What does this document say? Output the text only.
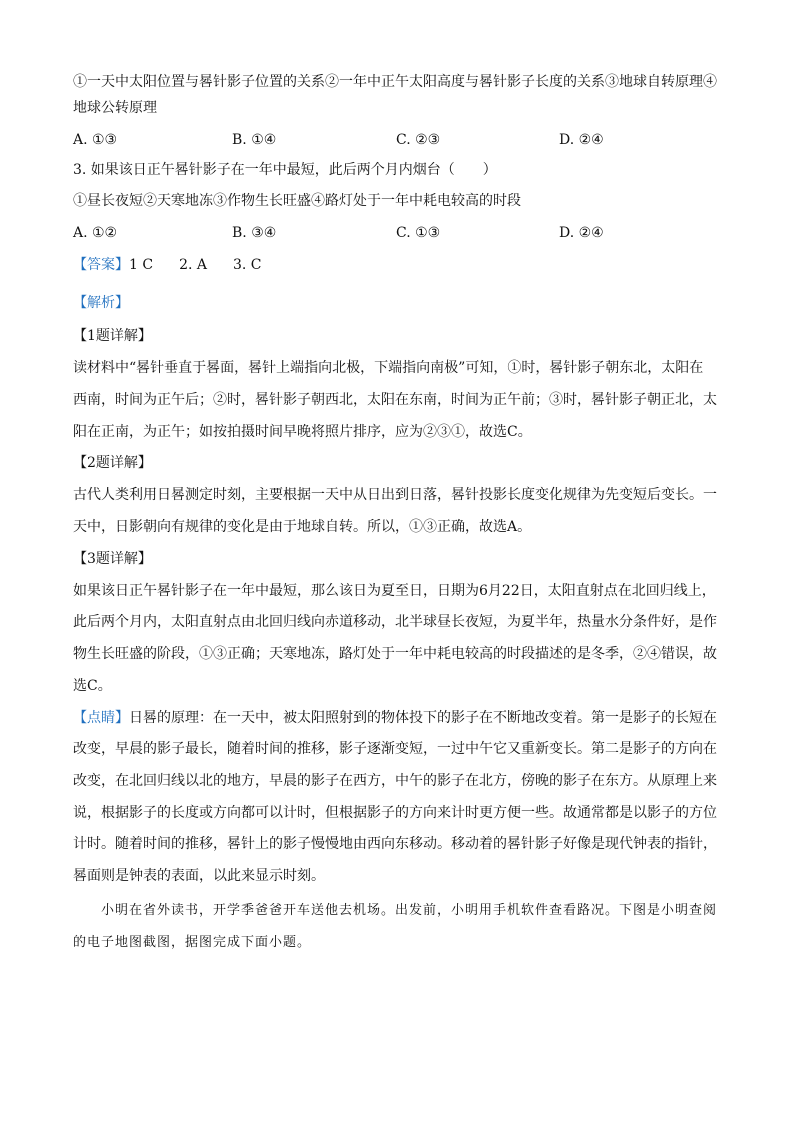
①一天中太阳位置与晷针影子位置的关系②一年中正午太阳高度与晷针影子长度的关系③地球自转原理④
地球公转原理
A. ①③	B. ①④	C. ②③	D. ②④
3. 如果该日正午晷针影子在一年中最短，此后两个月内烟台（　　）
①昼长夜短②天寒地冻③作物生长旺盛④路灯处于一年中耗电较高的时段
A. ①②	B. ③④	C. ①③	D. ②④
【答案】1 C 2. A 3. C
【解析】
【1题详解】
读材料中“晷针垂直于晷面，晷针上端指向北极，下端指向南极”可知，①时，晷针影子朝东北，太阳在
西南，时间为正午后；②时，晷针影子朝西北，太阳在东南，时间为正午前；③时，晷针影子朝正北，太
阳在正南，为正午；如按拍摄时间早晚将照片排序，应为②③①，故选C。
【2题详解】
古代人类利用日晷测定时刻，主要根据一天中从日出到日落，晷针投影长度变化规律为先变短后变长。一
天中，日影朝向有规律的变化是由于地球自转。所以，①③正确，故选A。
【3题详解】
如果该日正午晷针影子在一年中最短，那么该日为夏至日，日期为6月22日，太阳直射点在北回归线上，
此后两个月内，太阳直射点由北回归线向赤道移动，北半球昼长夜短，为夏半年，热量水分条件好，是作
物生长旺盛的阶段，①③正确；天寒地冻，路灯处于一年中耗电较高的时段描述的是冬季，②④错误，故
选C。
【点睛】日晷的原理：在一天中，被太阳照射到的物体投下的影子在不断地改变着。第一是影子的长短在
改变，早晨的影子最长，随着时间的推移，影子逐渐变短，一过中午它又重新变长。第二是影子的方向在
改变，在北回归线以北的地方，早晨的影子在西方，中午的影子在北方，傍晚的影子在东方。从原理上来
说，根据影子的长度或方向都可以计时，但根据影子的方向来计时更方便一些。故通常都是以影子的方位
计时。随着时间的推移，晷针上的影子慢慢地由西向东移动。移动着的晷针影子好像是现代钟表的指针，
晷面则是钟表的表面，以此来显示时刻。
小明在省外读书，开学季爸爸开车送他去机场。出发前，小明用手机软件查看路况。下图是小明查阅
的电子地图截图，据图完成下面小题。
